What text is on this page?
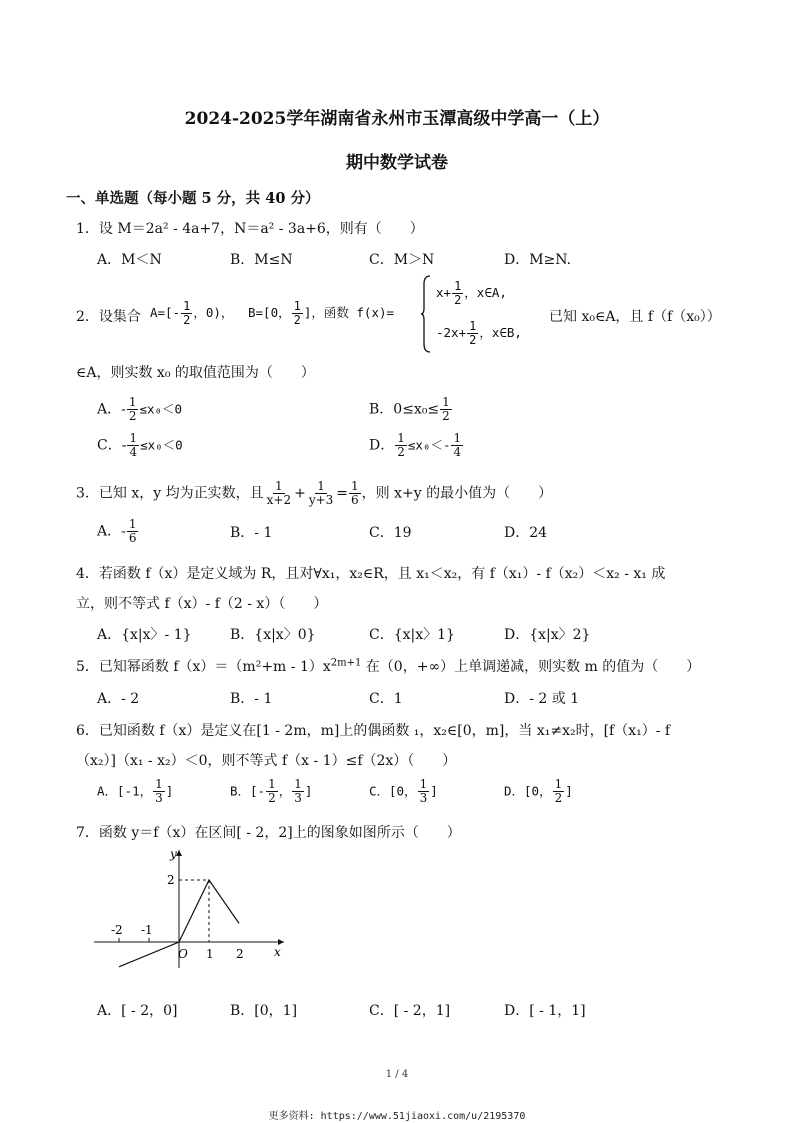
2024-2025学年湖南省永州市玉潭高级中学高一（上）
期中数学试卷
一、单选题（每小题 5 分，共 40 分）
1．设 M＝2a² - 4a+7，N＝a² - 3a+6，则有（　　）
A．M＜N	B．M≤N	C．M＞N	D．M≥N.
2．设集合 $A=[- \frac{1}{2}$ ，0)， B=[0， $\frac{1}{2}$ ]，函数 f(x)=
$x+ \frac{1}{2}$ ，x∈A,
$-2x+ \frac{1}{2}$ ，x∈B,
已知 x₀∈A，且 f（f（x₀））
∈A，则实数 x₀ 的取值范围为（　　）
A．- $\frac{1}{2} \le x_0<0$	B．$0\le x_0\le \frac{1}{2}$
C．- $\frac{1}{4} \le x_0<0$	D． $\frac{1}{2} \le x_0<- \frac{1}{4}$
3．已知 x，y 均为正实数，且 $\frac{1}{x+2} + \frac{1}{y+3} = \frac{1}{6}$ ，则 x+y 的最小值为（　　）
A．- $\frac{1}{6}$	B．- 1	C．19	D．24
4．若函数 f（x）是定义域为 R，且对∀x₁，x₂∈R，且 x₁＜x₂，有 f（x₁）- f（x₂）＜x₂ - x₁ 成
立，则不等式 f（x）- f（2 - x）（　　）
A．{x|x〉- 1}	B．{x|x〉0}	C．{x|x〉1}	D．{x|x〉2}
5．已知幂函数 $f(x)=(m^2+m - 1)x^{2m+1}$ 在（0，+∞）上单调递减，则实数 m 的值为（　　）
A．- 2	B．- 1	C．1	D．- 2 或 1
6．已知函数 f（x）是定义在[1 - 2m，m]上的偶函数 ₁，x₂∈[0，m]，当 x₁≠x₂时，[f（x₁）- f
（x₂）]（x₁ - x₂）＜0，则不等式 f（x - 1）≤f（2x）（　　）
A．[-1， $\frac{1}{3}$ ]	B．[- $\frac{1}{2}$ ， $\frac{1}{3}$ ]	C．[0， $\frac{1}{3}$ ]	D．[0， $\frac{1}{2}$ ]
7．函数 y＝f（x）在区间[ - 2，2]上的图象如图所示（　　）
y
x
O
-2 -1
1 2
2
A．[ - 2，0]	B．[0，1]	C．[ - 2，1]	D．[ - 1，1]
1 / 4
更多资料: https://www.51jiaoxi.com/u/2195370
